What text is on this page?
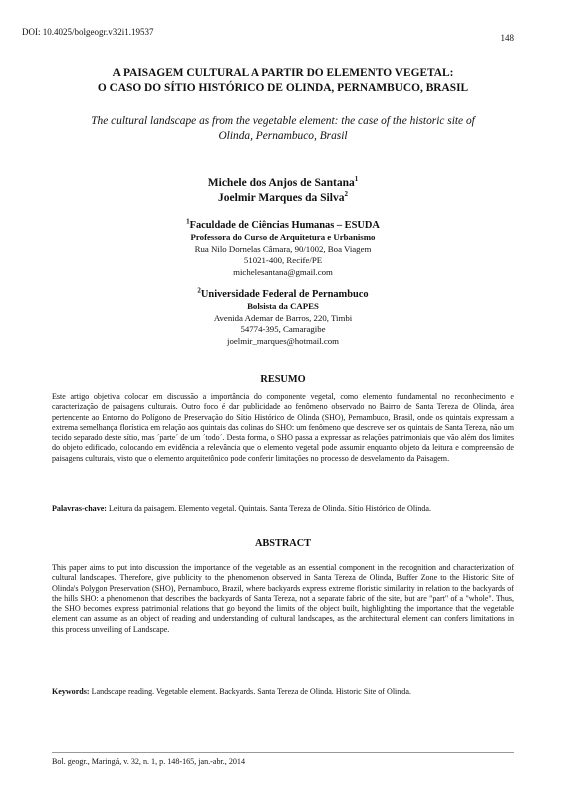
DOI: 10.4025/bolgeogr.v32i1.19537
148
A PAISAGEM CULTURAL A PARTIR DO ELEMENTO VEGETAL:
O CASO DO SÍTIO HISTÓRICO DE OLINDA, PERNAMBUCO, BRASIL
The cultural landscape as from the vegetable element: the case of the historic site of
Olinda, Pernambuco, Brasil
Michele dos Anjos de Santana$^1$
Joelmir Marques da Silva$^2$
$^1$Faculdade de Ciências Humanas – ESUDA
Professora do Curso de Arquitetura e Urbanismo
Rua Nilo Dornelas Câmara, 90/1002, Boa Viagem
51021-400, Recife/PE
michelesantana@gmail.com
$^2$Universidade Federal de Pernambuco
Bolsista da CAPES
Avenida Ademar de Barros, 220, Timbi
54774-395, Camaragibe
joelmir_marques@hotmail.com
RESUMO
Este artigo objetiva colocar em discussão a importância do componente vegetal, como elemento fundamental no reconhecimento e caracterização de paisagens culturais. Outro foco é dar publicidade ao fenômeno observado no Bairro de Santa Tereza de Olinda, área pertencente ao Entorno do Polígono de Preservação do Sítio Histórico de Olinda (SHO), Pernambuco, Brasil, onde os quintais expressam a extrema semelhança florística em relação aos quintais das colinas do SHO: um fenômeno que descreve ser os quintais de Santa Tereza, não um tecido separado deste sítio, mas ´parte´ de um ´todo´. Desta forma, o SHO passa a expressar as relações patrimoniais que vão além dos limites do objeto edificado, colocando em evidência a relevância que o elemento vegetal pode assumir enquanto objeto da leitura e compreensão de paisagens culturais, visto que o elemento arquitetônico pode conferir limitações no processo de desvelamento da Paisagem.
Palavras-chave: Leitura da paisagem. Elemento vegetal. Quintais. Santa Tereza de Olinda. Sítio Histórico de Olinda.
ABSTRACT
This paper aims to put into discussion the importance of the vegetable as an essential component in the recognition and characterization of cultural landscapes. Therefore, give publicity to the phenomenon observed in Santa Tereza de Olinda, Buffer Zone to the Historic Site of Olinda's Polygon Preservation (SHO), Pernambuco, Brazil, where backyards express extreme floristic similarity in relation to the backyards of the hills SHO: a phenomenon that describes the backyards of Santa Tereza, not a separate fabric of the site, but are "part" of a "whole". Thus, the SHO becomes express patrimonial relations that go beyond the limits of the object built, highlighting the importance that the vegetable element can assume as an object of reading and understanding of cultural landscapes, as the architectural element can confers limitations in this process unveiling of Landscape.
Keywords: Landscape reading. Vegetable element. Backyards. Santa Tereza de Olinda. Historic Site of Olinda.
Bol. geogr., Maringá, v. 32, n. 1, p. 148-165, jan.-abr., 2014
